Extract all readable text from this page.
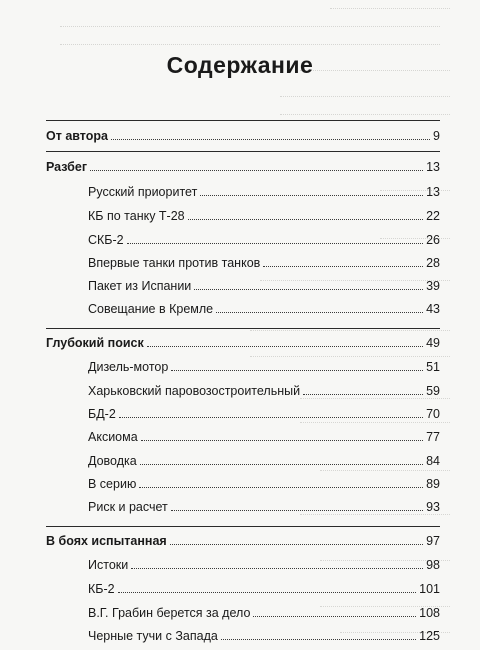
Содержание
От автора	9
Разбег	13
Русский приоритет	13
КБ по танку Т-28	22
СКБ-2	26
Впервые танки против танков	28
Пакет из Испании	39
Совещание в Кремле	43
Глубокий поиск	49
Дизель-мотор	51
Харьковский паровозостроительный	59
БД-2	70
Аксиома	77
Доводка	84
В серию	89
Риск и расчет	93
В боях испытанная	97
Истоки	98
КБ-2	101
В.Г. Грабин берется за дело	108
Черные тучи с Запада	125
